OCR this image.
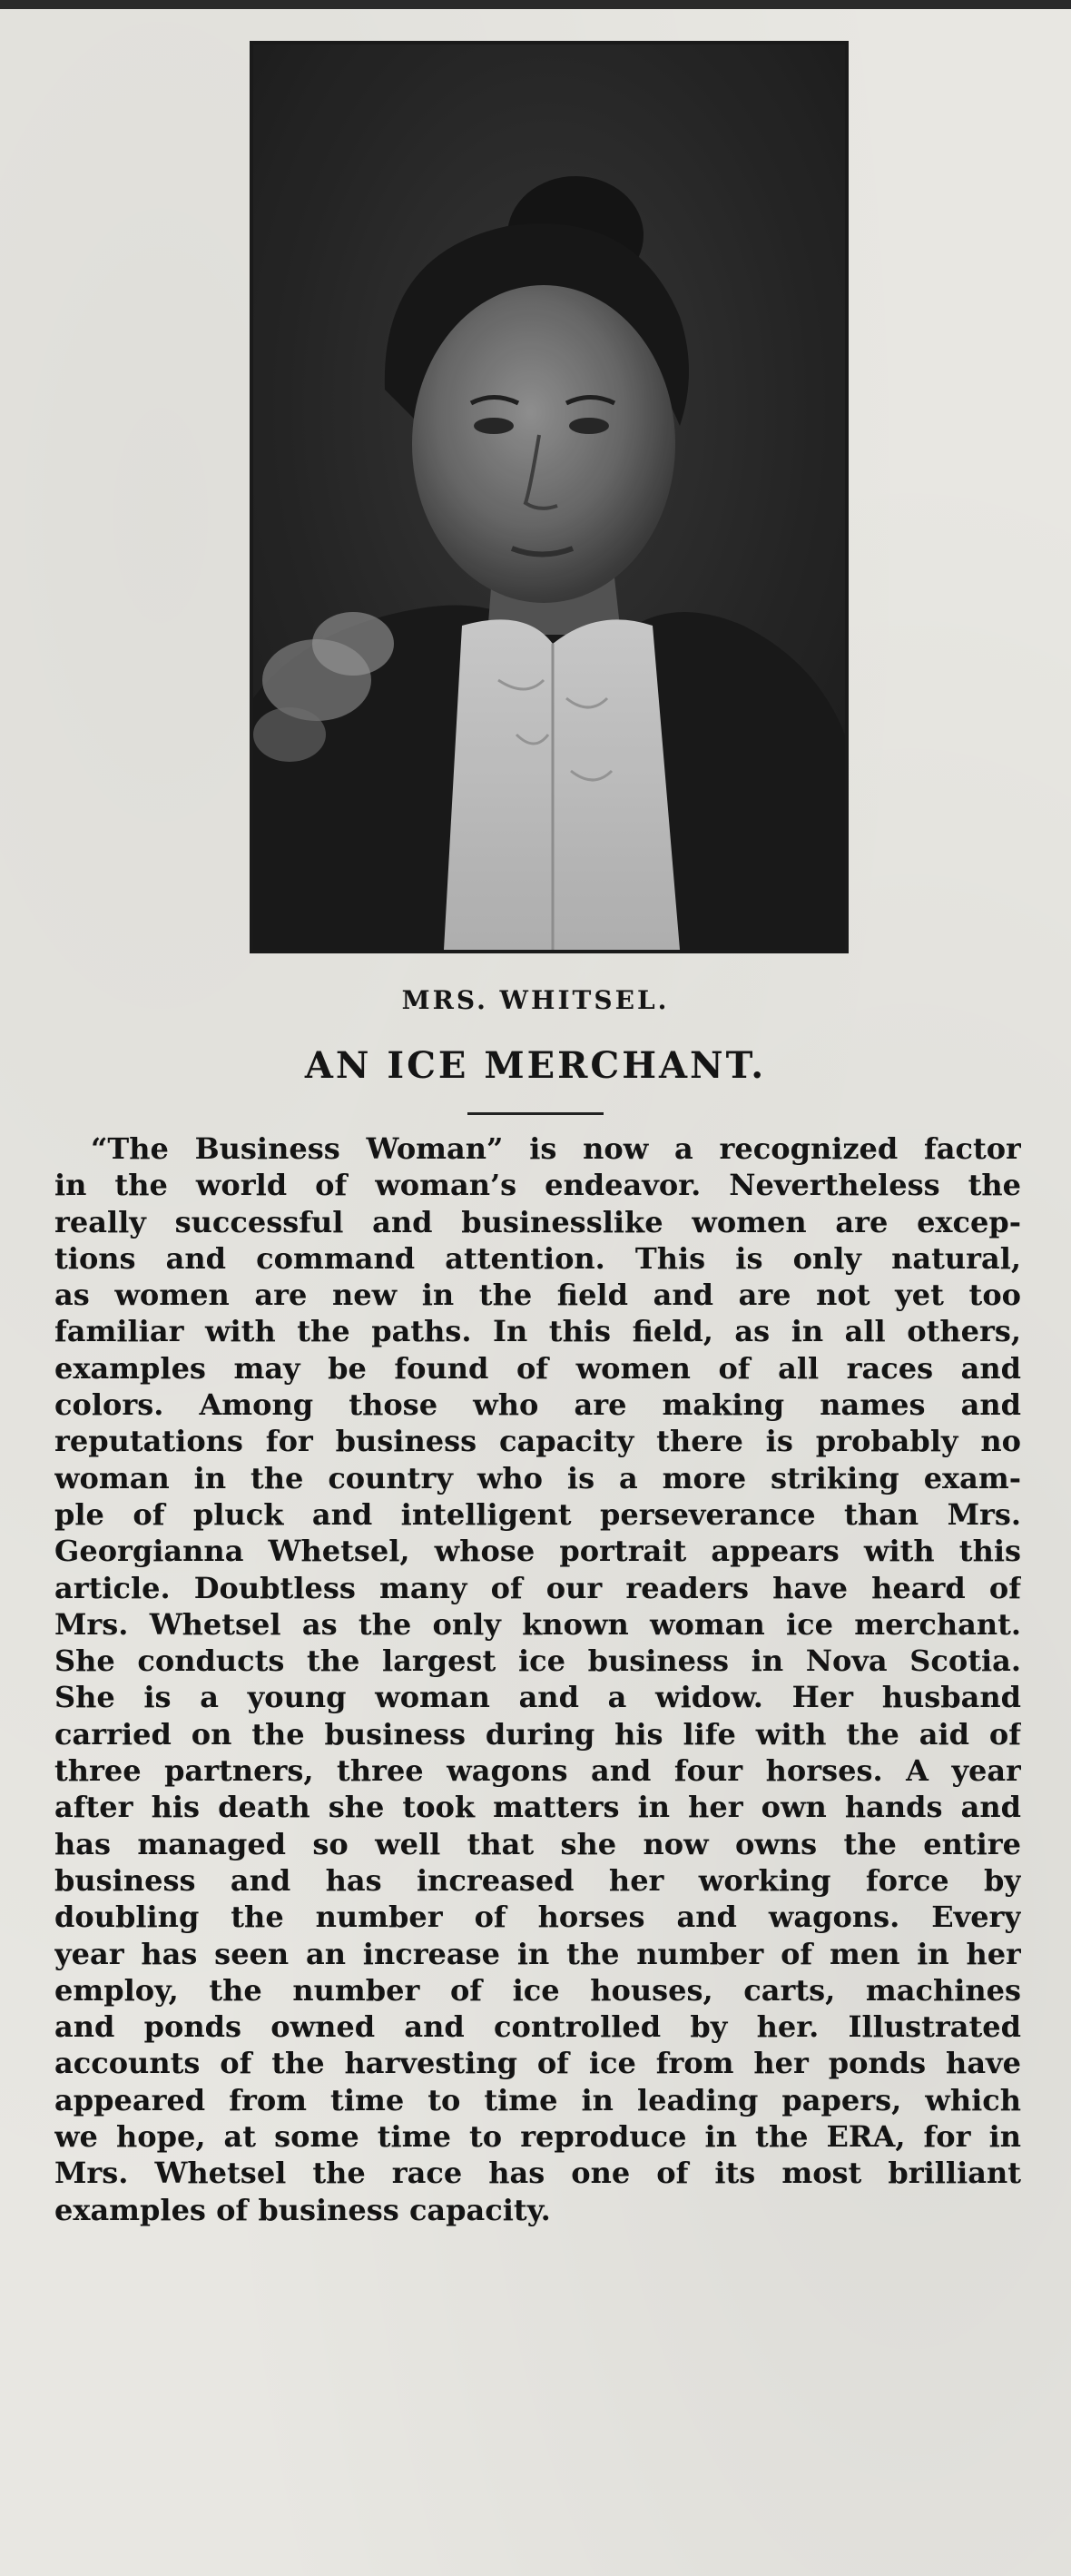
MRS. WHITSEL.
AN ICE MERCHANT.
“The Business Woman” is now a recognized factor
in the world of woman’s endeavor. Nevertheless the
really successful and businesslike women are excep-
tions and command attention. This is only natural,
as women are new in the field and are not yet too
familiar with the paths. In this field, as in all others,
examples may be found of women of all races and
colors. Among those who are making names and
reputations for business capacity there is probably no
woman in the country who is a more striking exam-
ple of pluck and intelligent perseverance than Mrs.
Georgianna Whetsel, whose portrait appears with this
article. Doubtless many of our readers have heard of
Mrs. Whetsel as the only known woman ice merchant.
She conducts the largest ice business in Nova Scotia.
She is a young woman and a widow. Her husband
carried on the business during his life with the aid of
three partners, three wagons and four horses. A year
after his death she took matters in her own hands and
has managed so well that she now owns the entire
business and has increased her working force by
doubling the number of horses and wagons. Every
year has seen an increase in the number of men in her
employ, the number of ice houses, carts, machines
and ponds owned and controlled by her. Illustrated
accounts of the harvesting of ice from her ponds have
appeared from time to time in leading papers, which
we hope, at some time to reproduce in the ERA, for in
Mrs. Whetsel the race has one of its most brilliant
examples of business capacity.
